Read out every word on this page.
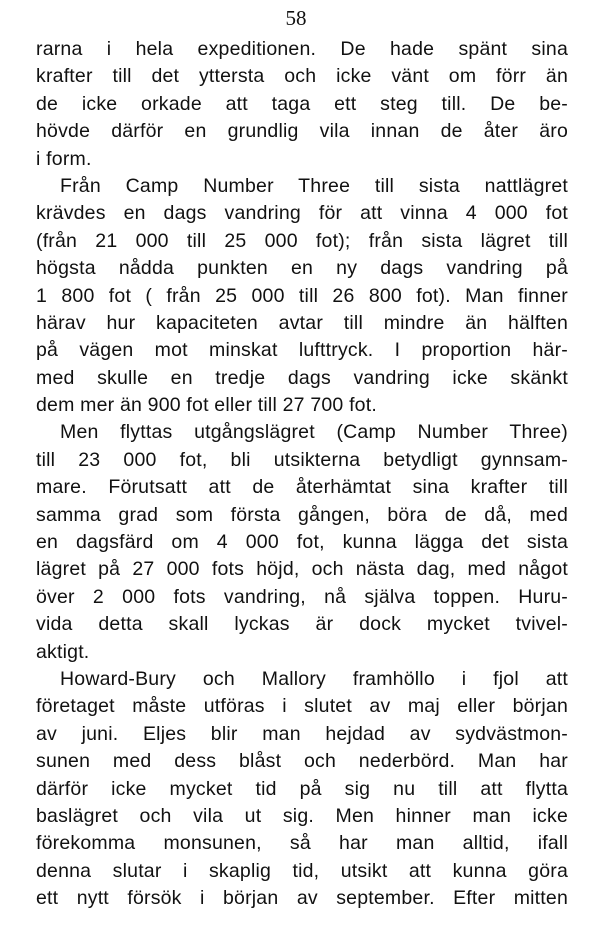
58
rarna i hela expeditionen. De hade spänt sina
krafter till det yttersta och icke vänt om förr än
de icke orkade att taga ett steg till. De be-
hövde därför en grundlig vila innan de åter äro
i form.
Från Camp Number Three till sista nattlägret
krävdes en dags vandring för att vinna 4 000 fot
(från 21 000 till 25 000 fot); från sista lägret till
högsta nådda punkten en ny dags vandring på
1 800 fot ( från 25 000 till 26 800 fot). Man finner
härav hur kapaciteten avtar till mindre än hälften
på vägen mot minskat lufttryck. I proportion här-
med skulle en tredje dags vandring icke skänkt
dem mer än 900 fot eller till 27 700 fot.
Men flyttas utgångslägret (Camp Number Three)
till 23 000 fot, bli utsikterna betydligt gynnsam-
mare. Förutsatt att de återhämtat sina krafter till
samma grad som första gången, böra de då, med
en dagsfärd om 4 000 fot, kunna lägga det sista
lägret på 27 000 fots höjd, och nästa dag, med något
över 2 000 fots vandring, nå själva toppen. Huru-
vida detta skall lyckas är dock mycket tvivel-
aktigt.
Howard-Bury och Mallory framhöllo i fjol att
företaget måste utföras i slutet av maj eller början
av juni. Eljes blir man hejdad av sydvästmon-
sunen med dess blåst och nederbörd. Man har
därför icke mycket tid på sig nu till att flytta
baslägret och vila ut sig. Men hinner man icke
förekomma monsunen, så har man alltid, ifall
denna slutar i skaplig tid, utsikt att kunna göra
ett nytt försök i början av september. Efter mitten
